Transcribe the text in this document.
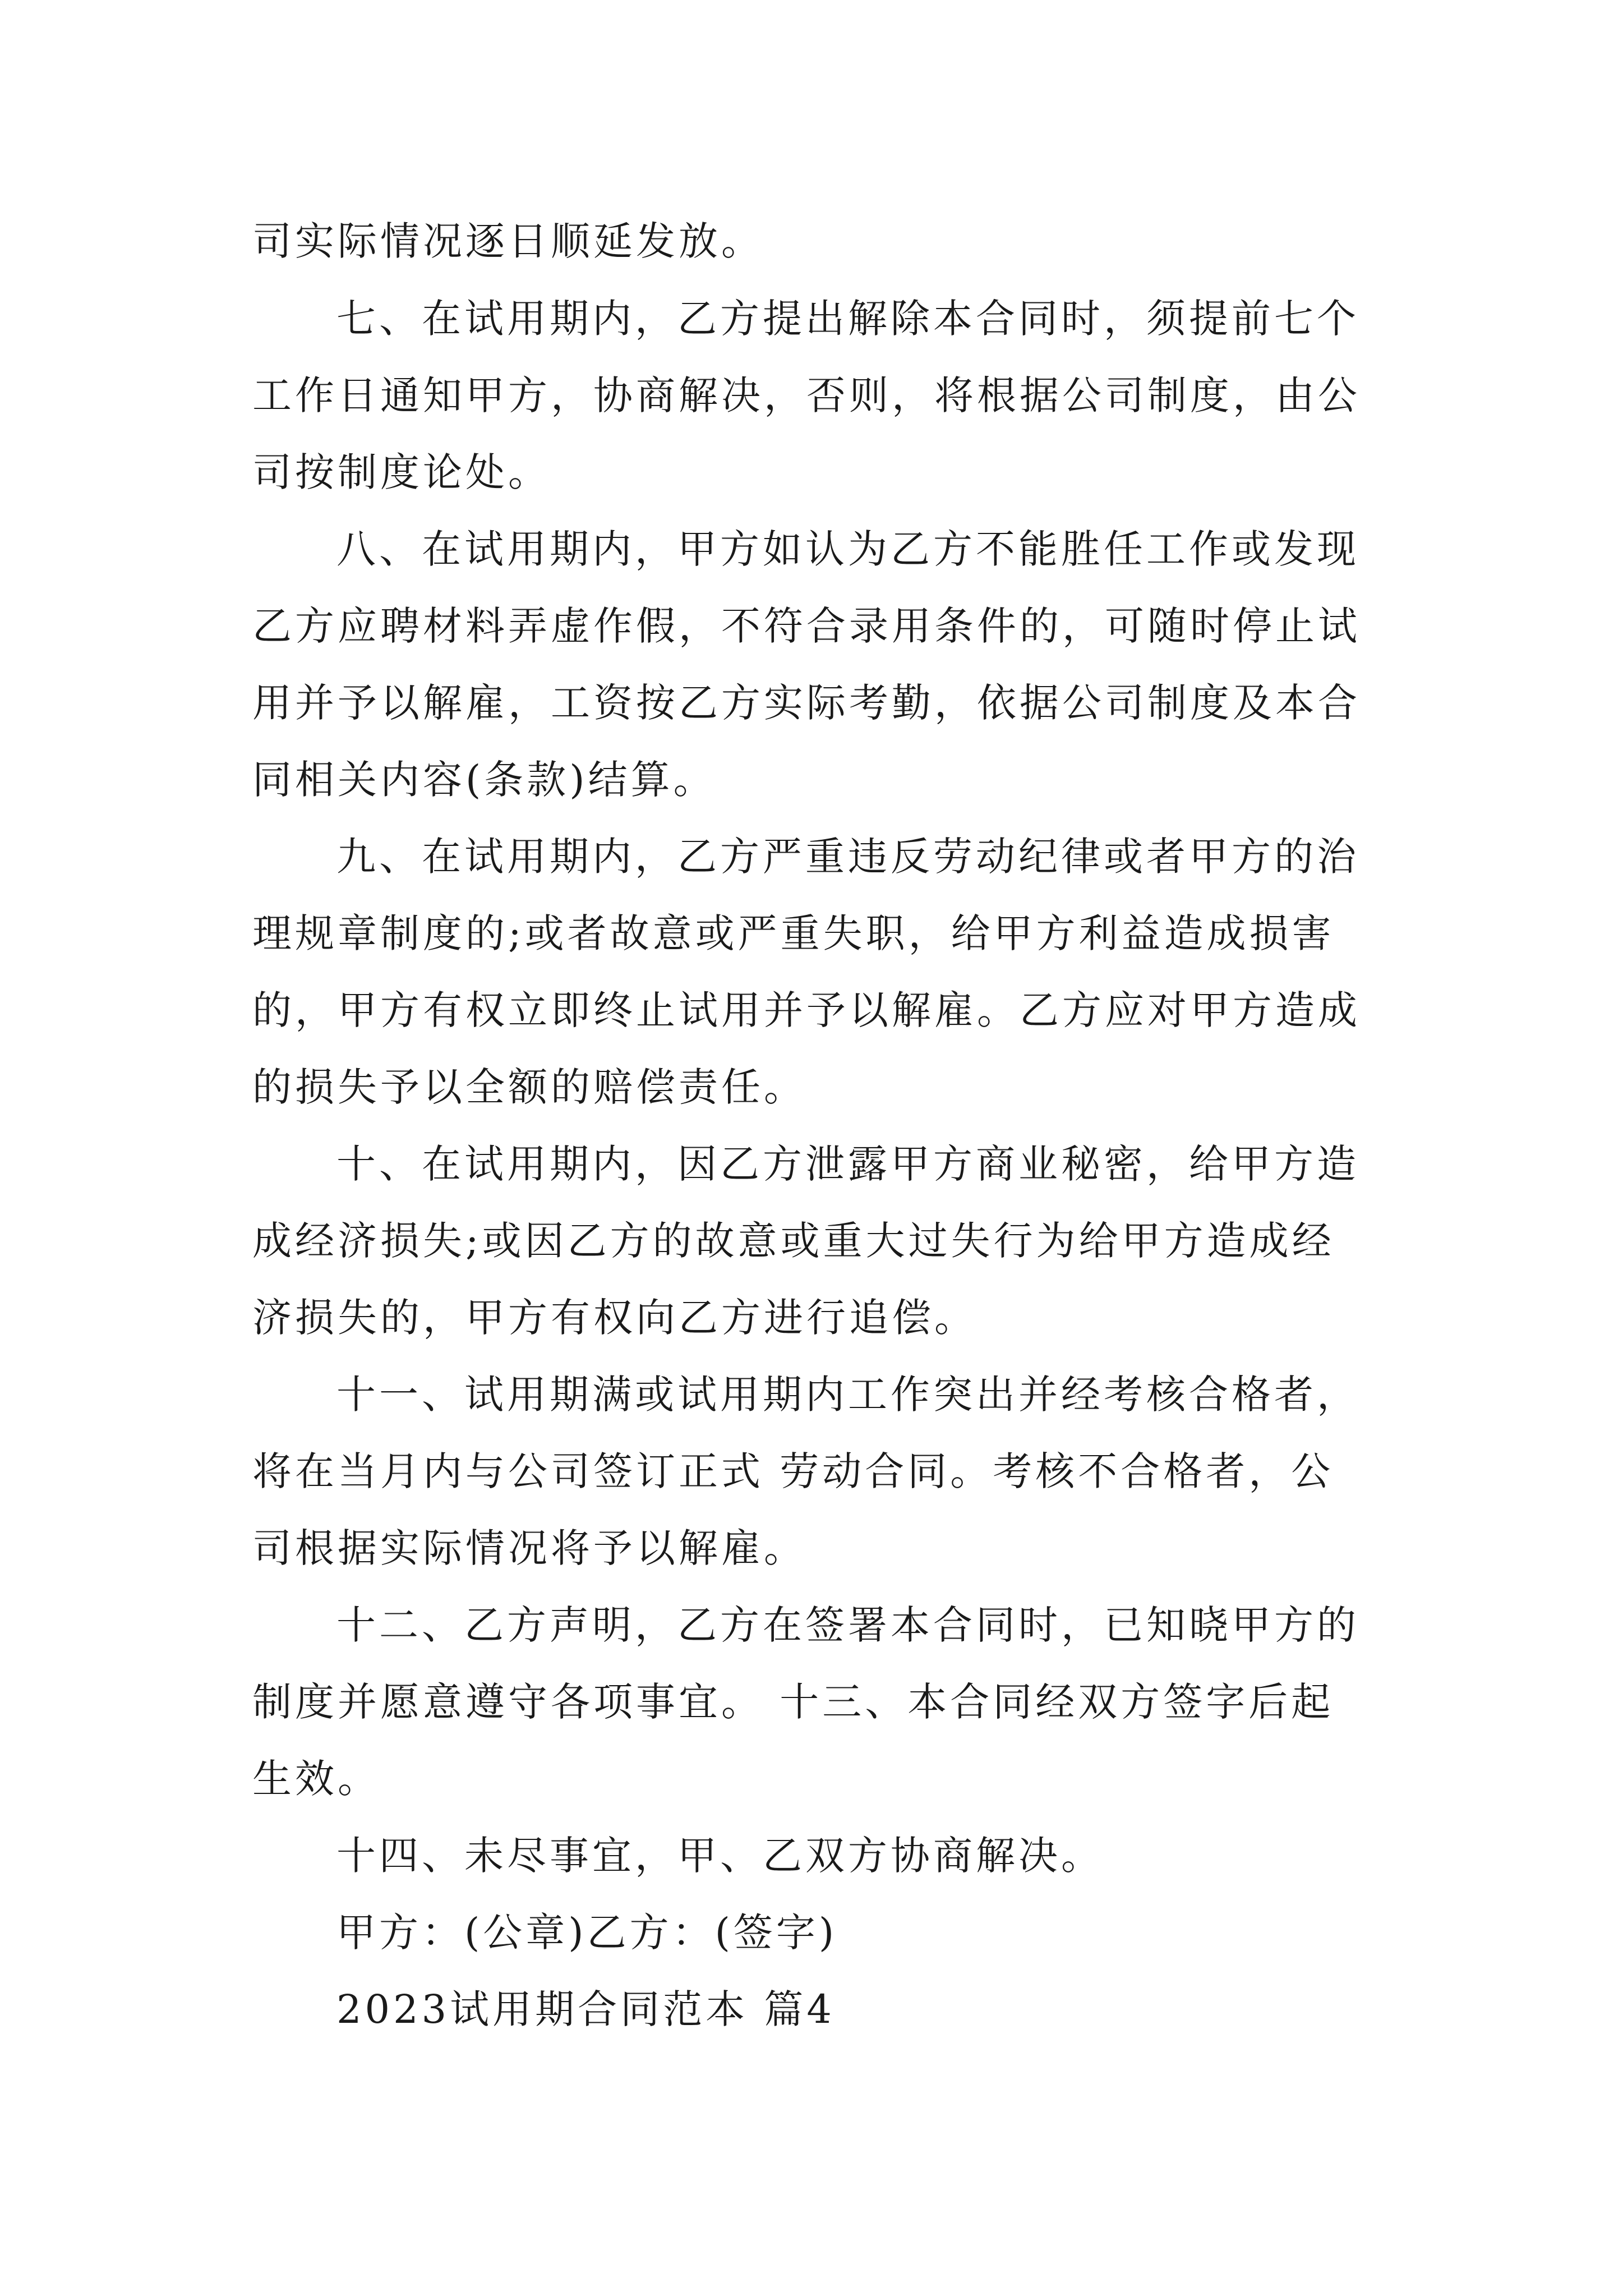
司实际情况逐日顺延发放。
七、在试用期内，乙方提出解除本合同时，须提前七个
工作日通知甲方，协商解决，否则，将根据公司制度，由公
司按制度论处。
八、在试用期内，甲方如认为乙方不能胜任工作或发现
乙方应聘材料弄虚作假，不符合录用条件的，可随时停止试
用并予以解雇，工资按乙方实际考勤，依据公司制度及本合
同相关内容(条款)结算。
九、在试用期内，乙方严重违反劳动纪律或者甲方的治
理规章制度的;或者故意或严重失职，给甲方利益造成损害
的，甲方有权立即终止试用并予以解雇。乙方应对甲方造成
的损失予以全额的赔偿责任。
十、在试用期内，因乙方泄露甲方商业秘密，给甲方造
成经济损失;或因乙方的故意或重大过失行为给甲方造成经
济损失的，甲方有权向乙方进行追偿。
十一、试用期满或试用期内工作突出并经考核合格者，
将在当月内与公司签订正式 劳动合同。考核不合格者，公
司根据实际情况将予以解雇。
十二、乙方声明，乙方在签署本合同时，已知晓甲方的
制度并愿意遵守各项事宜。 十三、本合同经双方签字后起
生效。
十四、未尽事宜，甲、乙双方协商解决。
甲方：(公章)乙方：(签字)
2023试用期合同范本 篇4
